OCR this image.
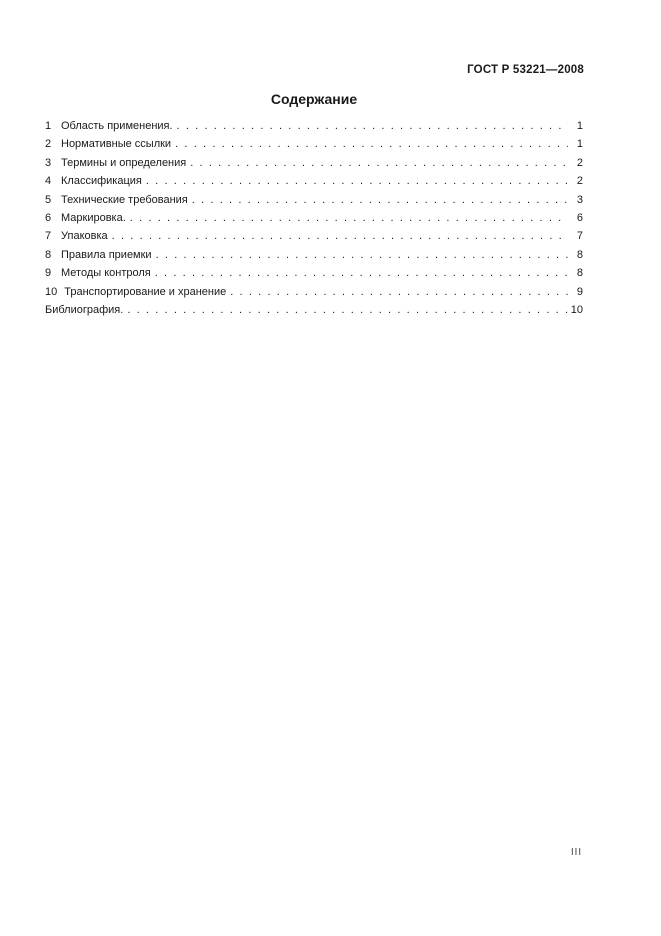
ГОСТ Р 53221—2008
Содержание
1 Область применения. . . .	1
2 Нормативные ссылки . . .	1
3 Термины и определения . . .	2
4 Классификация . . .	2
5 Технические требования . . .	3
6 Маркировка. . . .	6
7 Упаковка . . .	7
8 Правила приемки . . .	8
9 Методы контроля . . .	8
10 Транспортирование и хранение . . .	9
Библиография. . . .	10
III
